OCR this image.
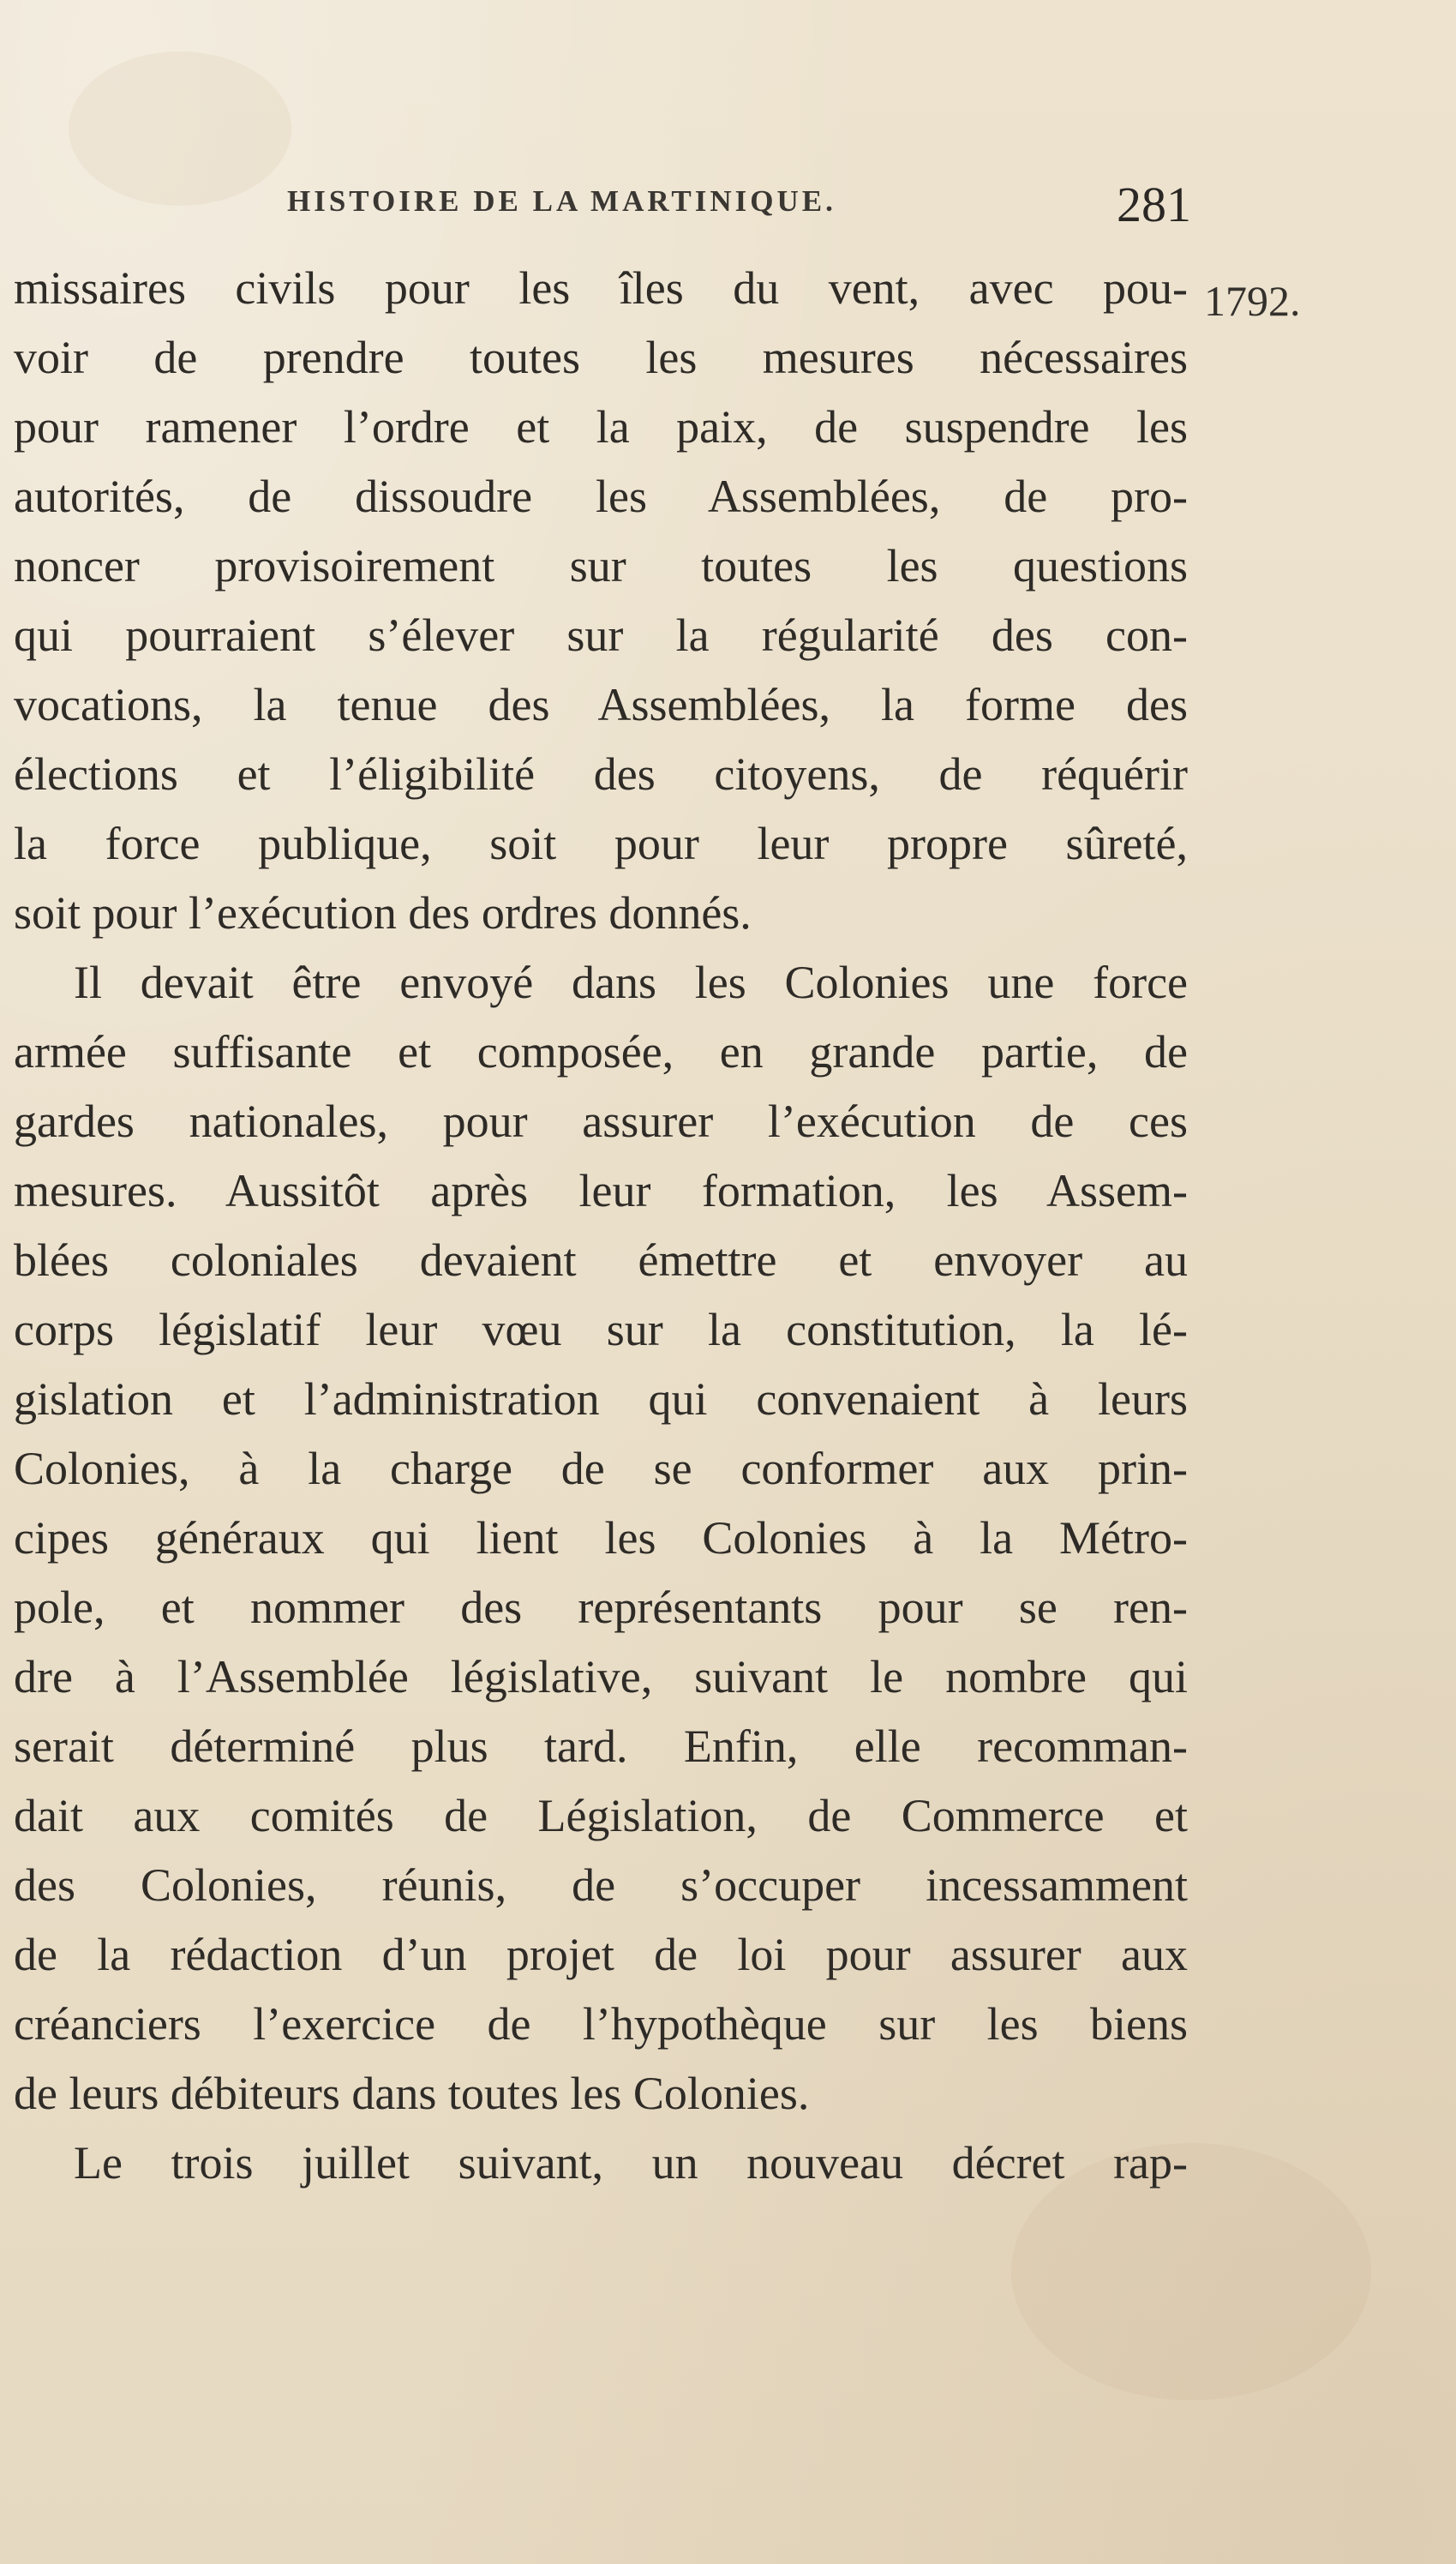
HISTOIRE DE LA MARTINIQUE.	281
1792.
missaires civils pour les îles du vent, avec pou-
voir de prendre toutes les mesures nécessaires
pour ramener l’ordre et la paix, de suspendre les
autorités, de dissoudre les Assemblées, de pro-
noncer provisoirement sur toutes les questions
qui pourraient s’élever sur la régularité des con-
vocations, la tenue des Assemblées, la forme des
élections et l’éligibilité des citoyens, de réquérir
la force publique, soit pour leur propre sûreté,
soit pour l’exécution des ordres donnés.
Il devait être envoyé dans les Colonies une force
armée suffisante et composée, en grande partie, de
gardes nationales, pour assurer l’exécution de ces
mesures. Aussitôt après leur formation, les Assem-
blées coloniales devaient émettre et envoyer au
corps législatif leur vœu sur la constitution, la lé-
gislation et l’administration qui convenaient à leurs
Colonies, à la charge de se conformer aux prin-
cipes généraux qui lient les Colonies à la Métro-
pole, et nommer des représentants pour se ren-
dre à l’Assemblée législative, suivant le nombre qui
serait déterminé plus tard. Enfin, elle recomman-
dait aux comités de Législation, de Commerce et
des Colonies, réunis, de s’occuper incessamment
de la rédaction d’un projet de loi pour assurer aux
créanciers l’exercice de l’hypothèque sur les biens
de leurs débiteurs dans toutes les Colonies.
Le trois juillet suivant, un nouveau décret rap-
